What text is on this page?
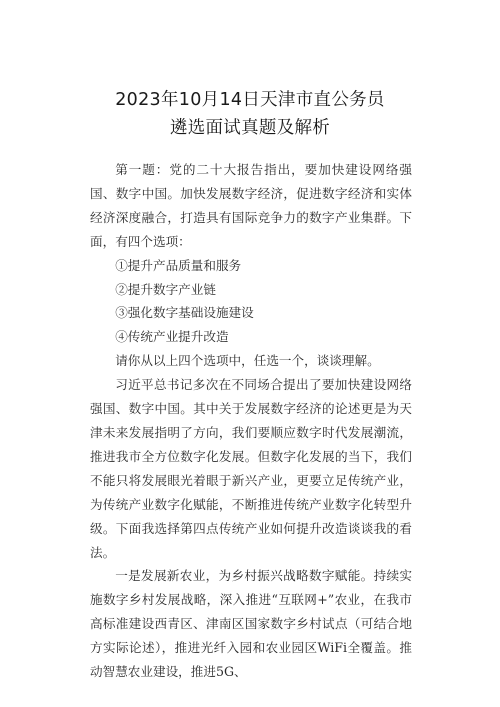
2023年10月14日天津市直公务员
遴选面试真题及解析

第一题：党的二十大报告指出，要加快建设网络强国、数字中国。加快发展数字经济，促进数字经济和实体经济深度融合，打造具有国际竞争力的数字产业集群。下面，有四个选项：

①提升产品质量和服务

②提升数字产业链

③强化数字基础设施建设

④传统产业提升改造

请你从以上四个选项中，任选一个，谈谈理解。

习近平总书记多次在不同场合提出了要加快建设网络强国、数字中国。其中关于发展数字经济的论述更是为天津未来发展指明了方向，我们要顺应数字时代发展潮流，推进我市全方位数字化发展。但数字化发展的当下，我们不能只将发展眼光着眼于新兴产业，更要立足传统产业，为传统产业数字化赋能，不断推进传统产业数字化转型升级。下面我选择第四点传统产业如何提升改造谈谈我的看法。

一是发展新农业，为乡村振兴战略数字赋能。持续实施数字乡村发展战略，深入推进“互联网+”农业，在我市高标准建设西青区、津南区国家数字乡村试点（可结合地方实际论述），推进光纤入园和农业园区WiFi全覆盖。推动智慧农业建设，推进5G、
